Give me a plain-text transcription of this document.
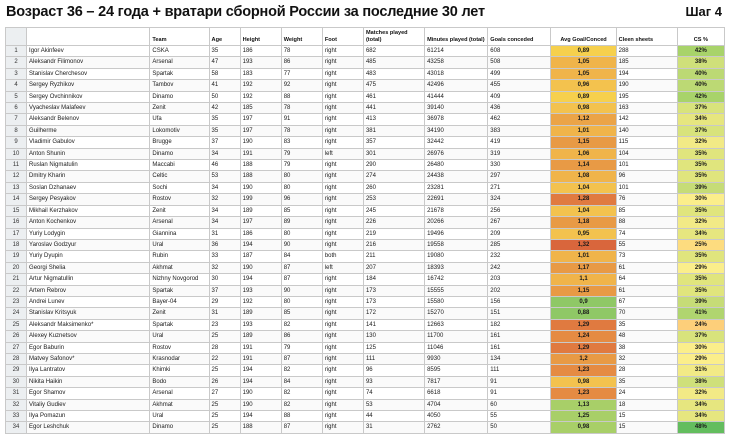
Возраст 36 – 24 года + вратари сборной России за последние 30 лет	Шаг 4
		Team	Age	Height	Weight	Foot	Matches played (total)	Minutes played (total)	Goals conceded	Avg Goal/Conced	Cleen sheets	CS %
1	Igor Akinfeev	CSKA	35	186	78	right	682	61214	608	0,89	288	42%
2	Aleksandr Filimonov	Arsenal	47	193	86	right	485	43258	508	1,05	185	38%
3	Stanislav Cherchesov	Spartak	58	183	77	right	483	43018	499	1,05	194	40%
4	Sergey Ryzhikov	Tambov	41	192	92	right	475	42496	455	0,96	190	40%
5	Sergey Ovchinnikov	Dinamo	50	192	88	right	461	41444	409	0,89	195	42%
6	Vyacheslav Malafeev	Zenit	42	185	78	right	441	39140	436	0,98	163	37%
7	Aleksandr Belenov	Ufa	35	197	91	right	413	36978	462	1,12	142	34%
8	Guilherme	Lokomotiv	35	197	78	right	381	34190	383	1,01	140	37%
9	Vladimir Gabulov	Brugge	37	190	83	right	357	32442	419	1,15	115	32%
10	Anton Shunin	Dinamo	34	191	79	left	301	26976	319	1,06	104	35%
11	Ruslan Nigmatulin	Maccabi	46	188	79	right	290	26480	330	1,14	101	35%
12	Dmitry Kharin	Celtic	53	188	80	right	274	24438	297	1,08	96	35%
13	Soslan Dzhanaev	Sochi	34	190	80	right	260	23281	271	1,04	101	39%
14	Sergey Pesyakov	Rostov	32	199	96	right	253	22691	324	1,28	76	30%
15	Mikhail Kerzhakov	Zenit	34	189	85	right	245	21678	256	1,04	85	35%
16	Anton Kochenkov	Arsenal	34	197	89	right	226	20266	267	1,18	88	32%
17	Yuriy Lodygin	Giannina	31	186	80	right	219	19496	209	0,95	74	34%
18	Yaroslav Godzyur	Ural	36	194	90	right	216	19558	285	1,32	55	25%
19	Yuriy Dyupin	Rubin	33	187	84	both	211	19080	232	1,01	73	35%
20	Georgi Shelia	Akhmat	32	190	87	left	207	18393	242	1,17	61	29%
21	Artur Nigmatullin	Nizhny Novgorod	30	194	87	right	184	16742	203	1,1	64	35%
22	Artem Rebrov	Spartak	37	193	90	right	173	15555	202	1,15	61	35%
23	Andrei Lunev	Bayer-04	29	192	80	right	173	15580	156	0,9	67	39%
24	Stanislav Kritsyuk	Zenit	31	189	85	right	172	15270	151	0,88	70	41%
25	Aleksandr Maksimenko*	Spartak	23	193	82	right	141	12663	182	1,29	35	24%
26	Alexey Kuznetsov	Ural	25	189	86	right	130	11700	161	1,24	48	37%
27	Egor Baburin	Rostov	28	191	79	right	125	11046	161	1,29	38	30%
28	Matvey Safonov*	Krasnodar	22	191	87	right	111	9930	134	1,2	32	29%
29	Ilya Lantratov	Khimki	25	194	82	right	96	8595	111	1,23	28	31%
30	Nikita Haikin	Bodo	26	194	84	right	93	7817	91	0,98	35	38%
31	Egor Shamov	Arsenal	27	190	82	right	74	6618	91	1,23	24	32%
32	Vitaliy Gudiev	Akhmat	25	190	82	right	53	4704	60	1,13	18	34%
33	Ilya Pomazun	Ural	25	194	88	right	44	4050	55	1,25	15	34%
34	Egor Leshchuk	Dinamo	25	188	87	right	31	2762	50	0,98	15	48%
